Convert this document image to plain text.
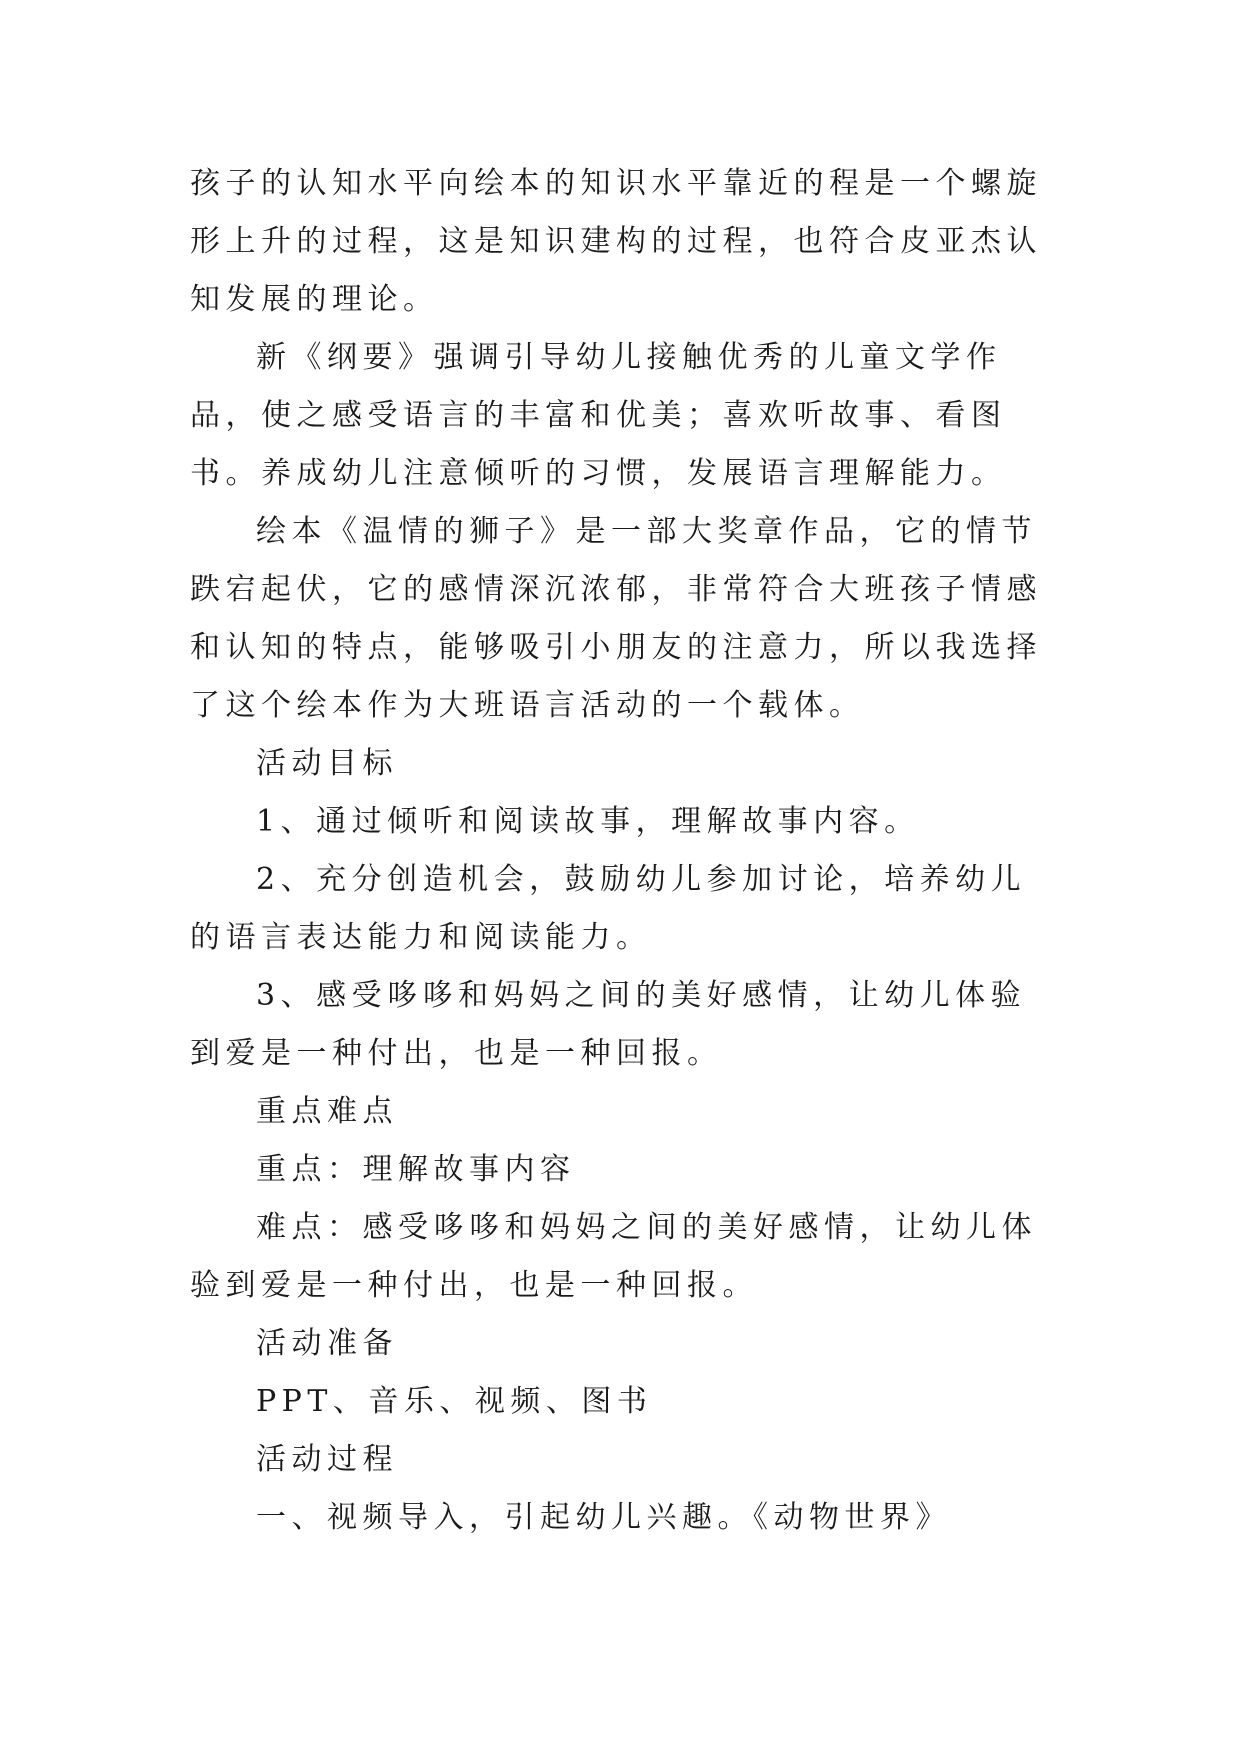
孩子的认知水平向绘本的知识水平靠近的程是一个螺旋形上升的过程，这是知识建构的过程，也符合皮亚杰认知发展的理论。

新《纲要》强调引导幼儿接触优秀的儿童文学作品，使之感受语言的丰富和优美；喜欢听故事、看图书。养成幼儿注意倾听的习惯，发展语言理解能力。

绘本《温情的狮子》是一部大奖章作品，它的情节跌宕起伏，它的感情深沉浓郁，非常符合大班孩子情感和认知的特点，能够吸引小朋友的注意力，所以我选择了这个绘本作为大班语言活动的一个载体。

活动目标

1、通过倾听和阅读故事，理解故事内容。

2、充分创造机会，鼓励幼儿参加讨论，培养幼儿的语言表达能力和阅读能力。

3、感受哆哆和妈妈之间的美好感情，让幼儿体验到爱是一种付出，也是一种回报。

重点难点

重点：理解故事内容

难点：感受哆哆和妈妈之间的美好感情，让幼儿体验到爱是一种付出，也是一种回报。

活动准备

PPT、音乐、视频、图书

活动过程

一、视频导入，引起幼儿兴趣。《动物世界》
